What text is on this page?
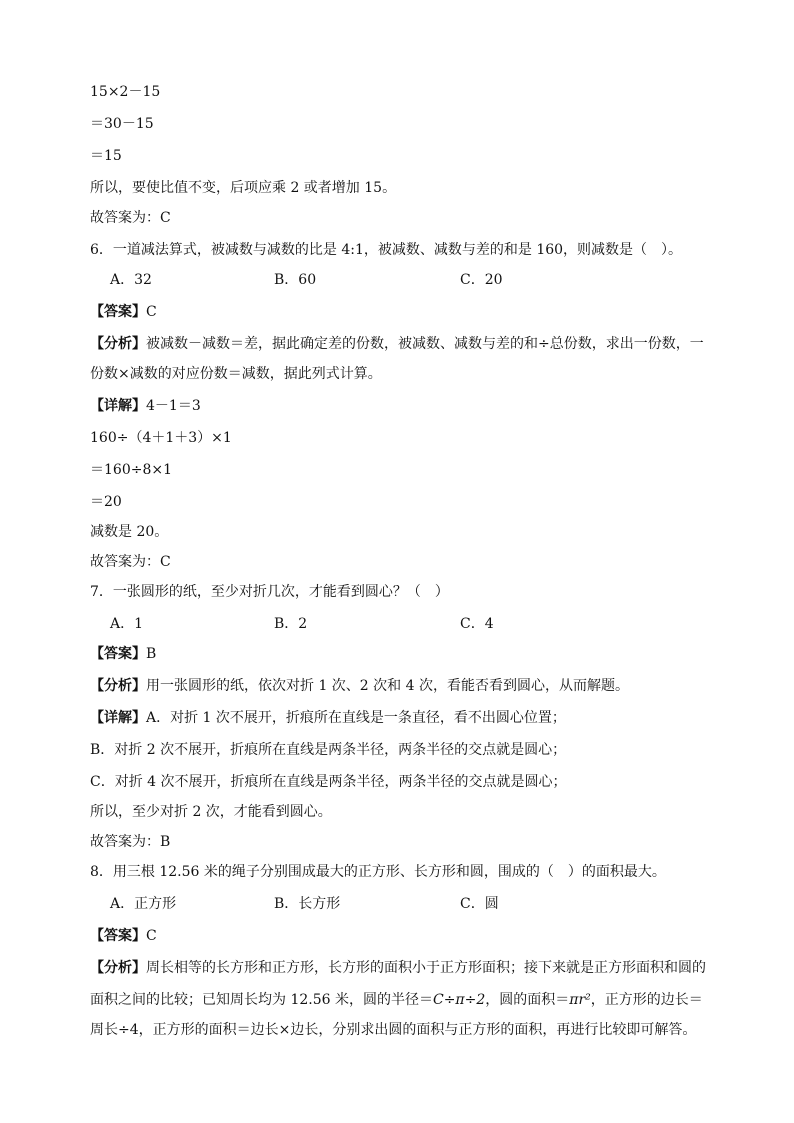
15×2－15
＝30－15
＝15
所以，要使比值不变，后项应乘 2 或者增加 15。
故答案为：C
6．一道减法算式，被减数与减数的比是 4:1，被减数、减数与差的和是 160，则减数是（　）。
A．32	B．60	C．20
【答案】C
【分析】被减数－减数＝差，据此确定差的份数，被减数、减数与差的和÷总份数，求出一份数，一
份数×减数的对应份数＝减数，据此列式计算。
【详解】4－1＝3
160÷（4＋1＋3）×1
＝160÷8×1
＝20
减数是 20。
故答案为：C
7．一张圆形的纸，至少对折几次，才能看到圆心？（　）
A．1	B．2	C．4
【答案】B
【分析】用一张圆形的纸，依次对折 1 次、2 次和 4 次，看能否看到圆心，从而解题。
【详解】A．对折 1 次不展开，折痕所在直线是一条直径，看不出圆心位置；
B．对折 2 次不展开，折痕所在直线是两条半径，两条半径的交点就是圆心；
C．对折 4 次不展开，折痕所在直线是两条半径，两条半径的交点就是圆心；
所以，至少对折 2 次，才能看到圆心。
故答案为：B
8．用三根 12.56 米的绳子分别围成最大的正方形、长方形和圆，围成的（　）的面积最大。
A．正方形	B．长方形	C．圆
【答案】C
【分析】周长相等的长方形和正方形，长方形的面积小于正方形面积；接下来就是正方形面积和圆的
面积之间的比较；已知周长均为 12.56 米，圆的半径＝C÷π÷2，圆的面积＝πr²，正方形的边长＝
周长÷4，正方形的面积＝边长×边长，分别求出圆的面积与正方形的面积，再进行比较即可解答。
